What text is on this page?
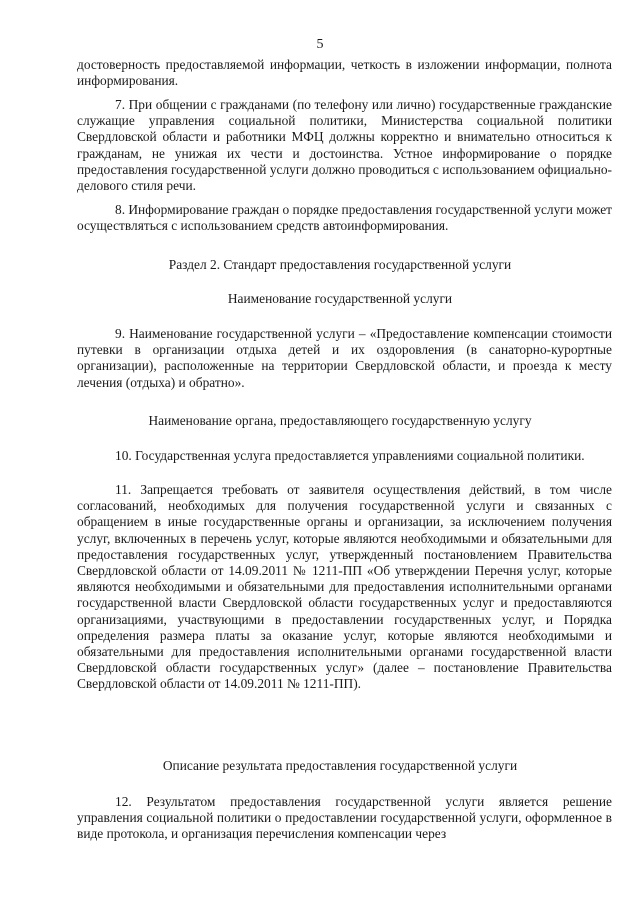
5

достоверность предоставляемой информации, четкость в изложении информации, полнота информирования.

7. При общении с гражданами (по телефону или лично) государственные гражданские служащие управления социальной политики, Министерства социальной политики Свердловской области и работники МФЦ должны корректно и внимательно относиться к гражданам, не унижая их чести и достоинства. Устное информирование о порядке предоставления государственной услуги должно проводиться с использованием официально-делового стиля речи.

8. Информирование граждан о порядке предоставления государственной услуги может осуществляться с использованием средств автоинформирования.

Раздел 2. Стандарт предоставления государственной услуги

Наименование государственной услуги

9. Наименование государственной услуги – «Предоставление компенсации стоимости путевки в организации отдыха детей и их оздоровления (в санаторно-курортные организации), расположенные на территории Свердловской области, и проезда к месту лечения (отдыха) и обратно».

Наименование органа, предоставляющего государственную услугу

10. Государственная услуга предоставляется управлениями социальной политики.

11. Запрещается требовать от заявителя осуществления действий, в том числе согласований, необходимых для получения государственной услуги и связанных с обращением в иные государственные органы и организации, за исключением получения услуг, включенных в перечень услуг, которые являются необходимыми и обязательными для предоставления государственных услуг, утвержденный постановлением Правительства Свердловской области от 14.09.2011 № 1211-ПП «Об утверждении Перечня услуг, которые являются необходимыми и обязательными для предоставления исполнительными органами государственной власти Свердловской области государственных услуг и предоставляются организациями, участвующими в предоставлении государственных услуг, и Порядка определения размера платы за оказание услуг, которые являются необходимыми и обязательными для предоставления исполнительными органами государственной власти Свердловской области государственных услуг» (далее – постановление Правительства Свердловской области от 14.09.2011 № 1211-ПП).

Описание результата предоставления государственной услуги

12. Результатом предоставления государственной услуги является решение управления социальной политики о предоставлении государственной услуги, оформленное в виде протокола, и организация перечисления компенсации через
